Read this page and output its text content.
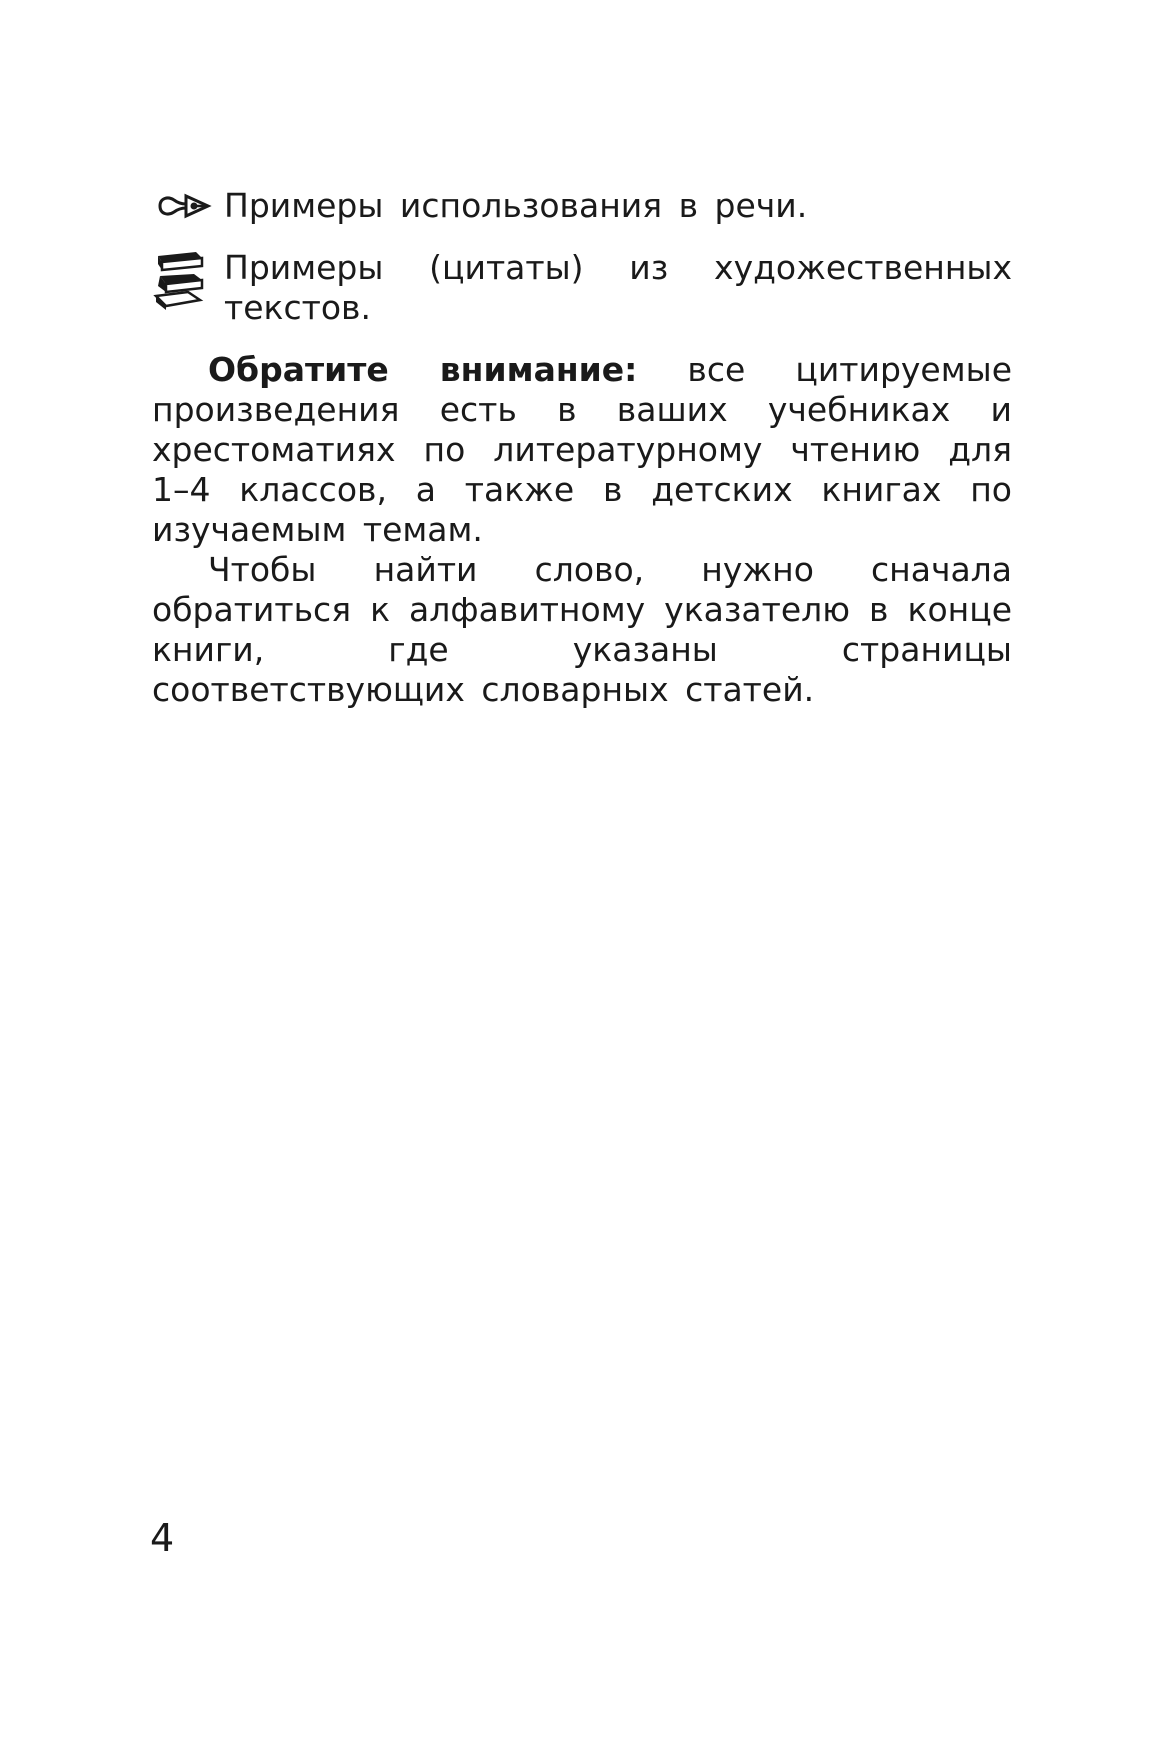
Примеры использования в речи.
Примеры (цитаты) из художественных текстов.

Обратите внимание: все цитируемые произведения есть в ваших учебниках и хрестоматиях по литературному чтению для 1–4 классов, а также в детских книгах по изучаемым темам.

Чтобы найти слово, нужно сначала обратиться к алфавитному указателю в конце книги, где указаны страницы соответствующих словарных статей.

4
